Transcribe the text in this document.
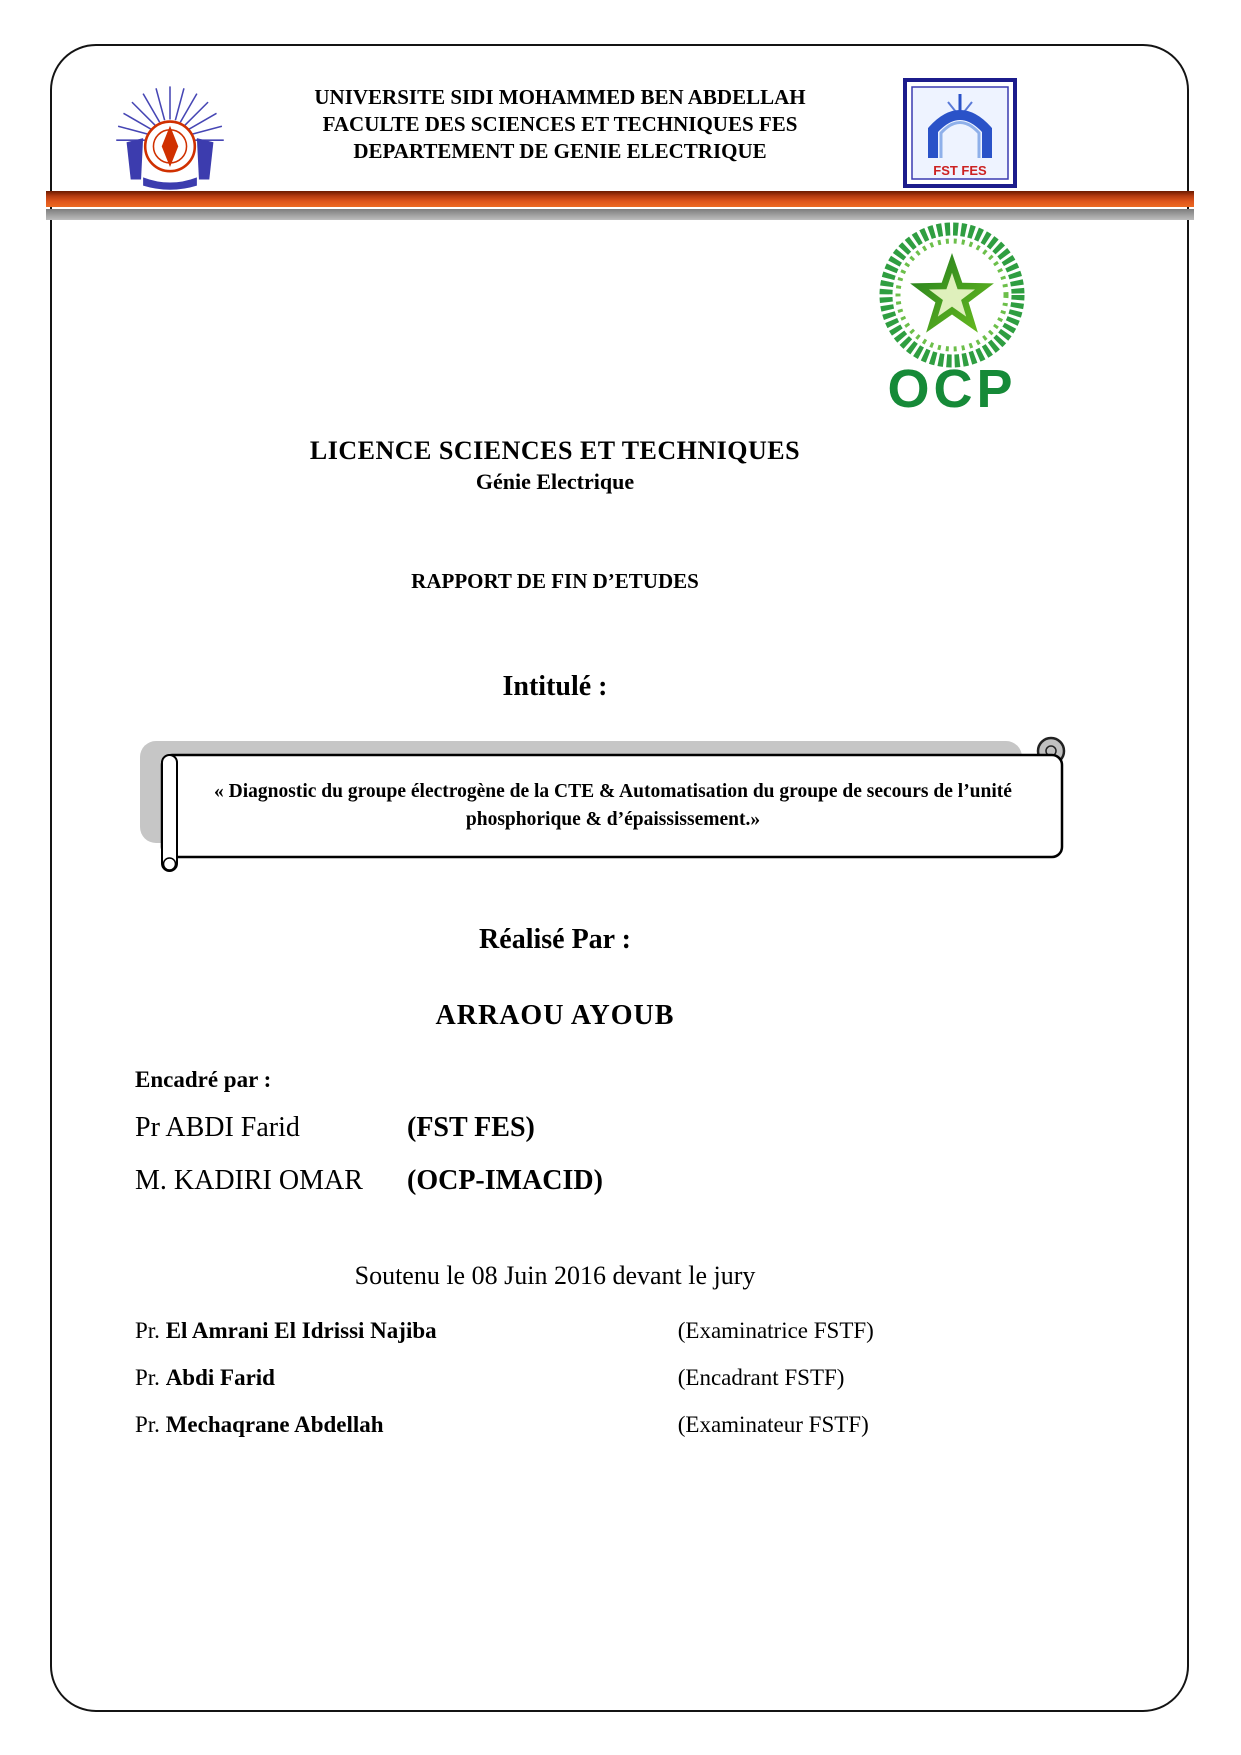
UNIVERSITE SIDI MOHAMMED BEN ABDELLAH
FACULTE DES SCIENCES ET TECHNIQUES FES
DEPARTEMENT DE GENIE ELECTRIQUE
FST FES
OCP
LICENCE SCIENCES ET TECHNIQUES
Génie Electrique
RAPPORT DE FIN D’ETUDES
Intitulé :
« Diagnostic du groupe électrogène de la CTE & Automatisation du groupe de secours de l’unité phosphorique & d’épaississement.»
Réalisé Par :
ARRAOU AYOUB
Encadré par :
Pr ABDI Farid	(FST FES)
M. KADIRI OMAR (OCP-IMACID)
Soutenu le 08 Juin 2016 devant le jury
Pr. El Amrani El Idrissi Najiba	(Examinatrice FSTF)
Pr. Abdi Farid	(Encadrant FSTF)
Pr. Mechaqrane Abdellah	(Examinateur FSTF)
